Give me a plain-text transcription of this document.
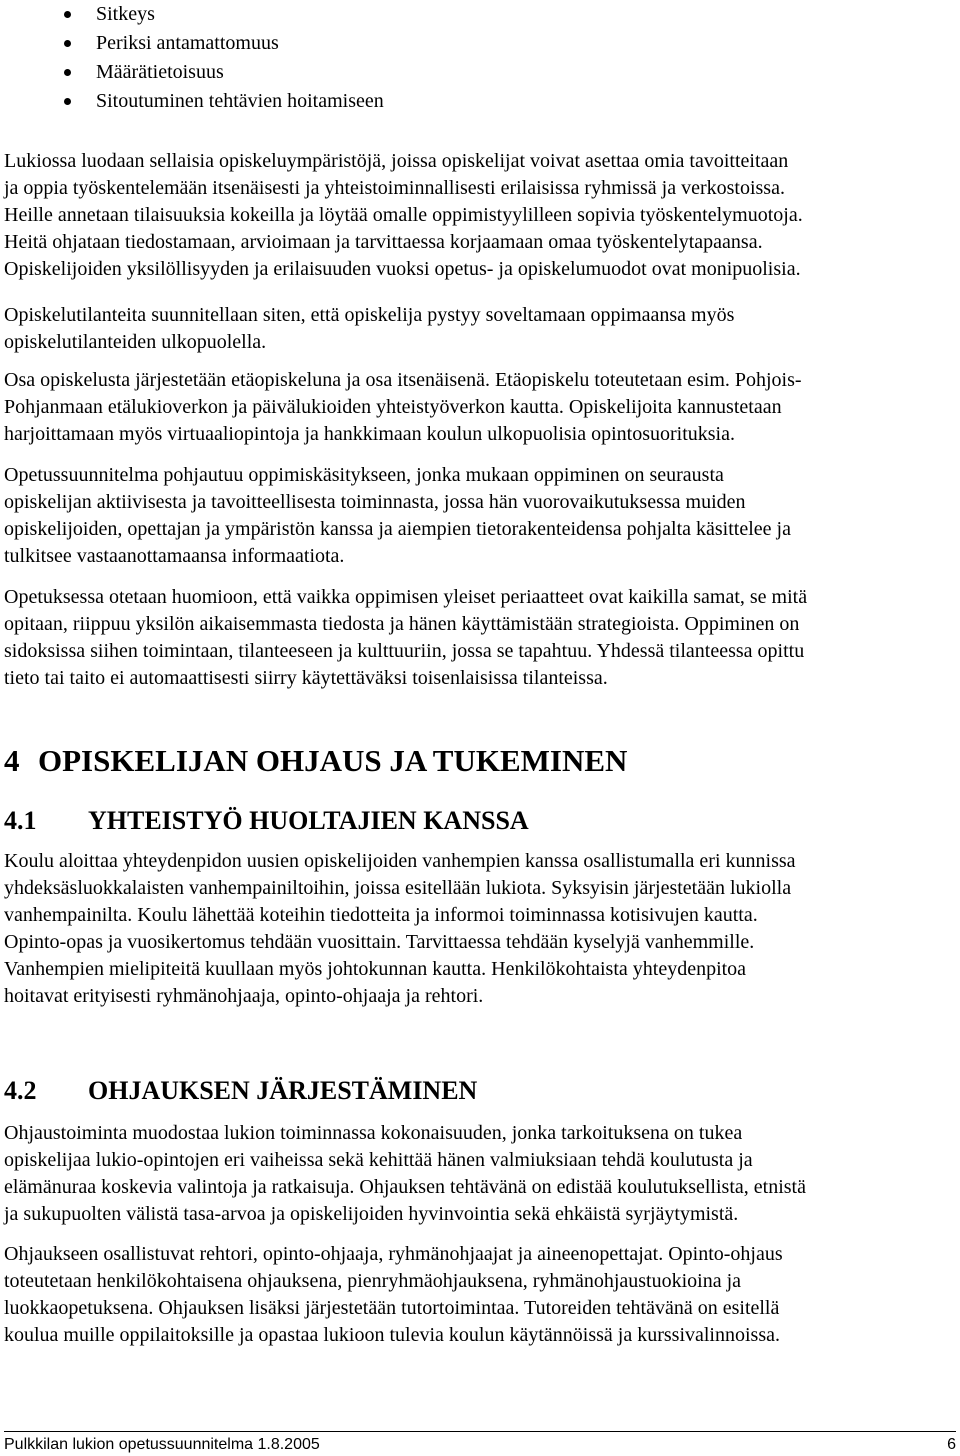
Sitkeys
Periksi antamattomuus
Määrätietoisuus
Sitoutuminen tehtävien hoitamiseen

Lukiossa luodaan sellaisia opiskeluympäristöjä, joissa opiskelijat voivat asettaa omia tavoitteitaan
ja oppia työskentelemään itsenäisesti ja yhteistoiminnallisesti erilaisissa ryhmissä ja verkostoissa.
Heille annetaan tilaisuuksia kokeilla ja löytää omalle oppimistyylilleen sopivia työskentelymuotoja.
Heitä ohjataan tiedostamaan, arvioimaan ja tarvittaessa korjaamaan omaa työskentelytapaansa.
Opiskelijoiden yksilöllisyyden ja erilaisuuden vuoksi opetus- ja opiskelumuodot ovat monipuolisia.

Opiskelutilanteita suunnitellaan siten, että opiskelija pystyy soveltamaan oppimaansa myös
opiskelutilanteiden ulkopuolella.

Osa opiskelusta järjestetään etäopiskeluna ja osa itsenäisenä. Etäopiskelu toteutetaan esim. Pohjois-
Pohjanmaan etälukioverkon ja päivälukioiden yhteistyöverkon kautta. Opiskelijoita kannustetaan
harjoittamaan myös virtuaaliopintoja ja hankkimaan koulun ulkopuolisia opintosuorituksia.

Opetussuunnitelma pohjautuu oppimiskäsitykseen, jonka mukaan oppiminen on seurausta
opiskelijan aktiivisesta ja tavoitteellisesta toiminnasta, jossa hän vuorovaikutuksessa muiden
opiskelijoiden, opettajan ja ympäristön kanssa ja aiempien tietorakenteidensa pohjalta käsittelee ja
tulkitsee vastaanottamaansa informaatiota.

Opetuksessa otetaan huomioon, että vaikka oppimisen yleiset periaatteet ovat kaikilla samat, se mitä
opitaan, riippuu yksilön aikaisemmasta tiedosta ja hänen käyttämistään strategioista. Oppiminen on
sidoksissa siihen toimintaan, tilanteeseen ja kulttuuriin, jossa se tapahtuu. Yhdessä tilanteessa opittu
tieto tai taito ei automaattisesti siirry käytettäväksi toisenlaisissa tilanteissa.

4 OPISKELIJAN OHJAUS JA TUKEMINEN
4.1 YHTEISTYÖ HUOLTAJIEN KANSSA

Koulu aloittaa yhteydenpidon uusien opiskelijoiden vanhempien kanssa osallistumalla eri kunnissa
yhdeksäsluokkalaisten vanhempainiltoihin, joissa esitellään lukiota. Syksyisin järjestetään lukiolla
vanhempainilta. Koulu lähettää koteihin tiedotteita ja informoi toiminnassa kotisivujen kautta.
Opinto-opas ja vuosikertomus tehdään vuosittain. Tarvittaessa tehdään kyselyjä vanhemmille.
Vanhempien mielipiteitä kuullaan myös johtokunnan kautta. Henkilökohtaista yhteydenpitoa
hoitavat erityisesti ryhmänohjaaja, opinto-ohjaaja ja rehtori.

4.2 OHJAUKSEN JÄRJESTÄMINEN

Ohjaustoiminta muodostaa lukion toiminnassa kokonaisuuden, jonka tarkoituksena on tukea
opiskelijaa lukio-opintojen eri vaiheissa sekä kehittää hänen valmiuksiaan tehdä koulutusta ja
elämänuraa koskevia valintoja ja ratkaisuja. Ohjauksen tehtävänä on edistää koulutuksellista, etnistä
ja sukupuolten välistä tasa-arvoa ja opiskelijoiden hyvinvointia sekä ehkäistä syrjäytymistä.

Ohjaukseen osallistuvat rehtori, opinto-ohjaaja, ryhmänohjaajat ja aineenopettajat. Opinto-ohjaus
toteutetaan henkilökohtaisena ohjauksena, pienryhmäohjauksena, ryhmänohjaustuokioina ja
luokkaopetuksena. Ohjauksen lisäksi järjestetään tutortoimintaa. Tutoreiden tehtävänä on esitellä
koulua muille oppilaitoksille ja opastaa lukioon tulevia koulun käytännöissä ja kurssivalinnoissa.

Pulkkilan lukion opetussuunnitelma 1.8.2005	6
